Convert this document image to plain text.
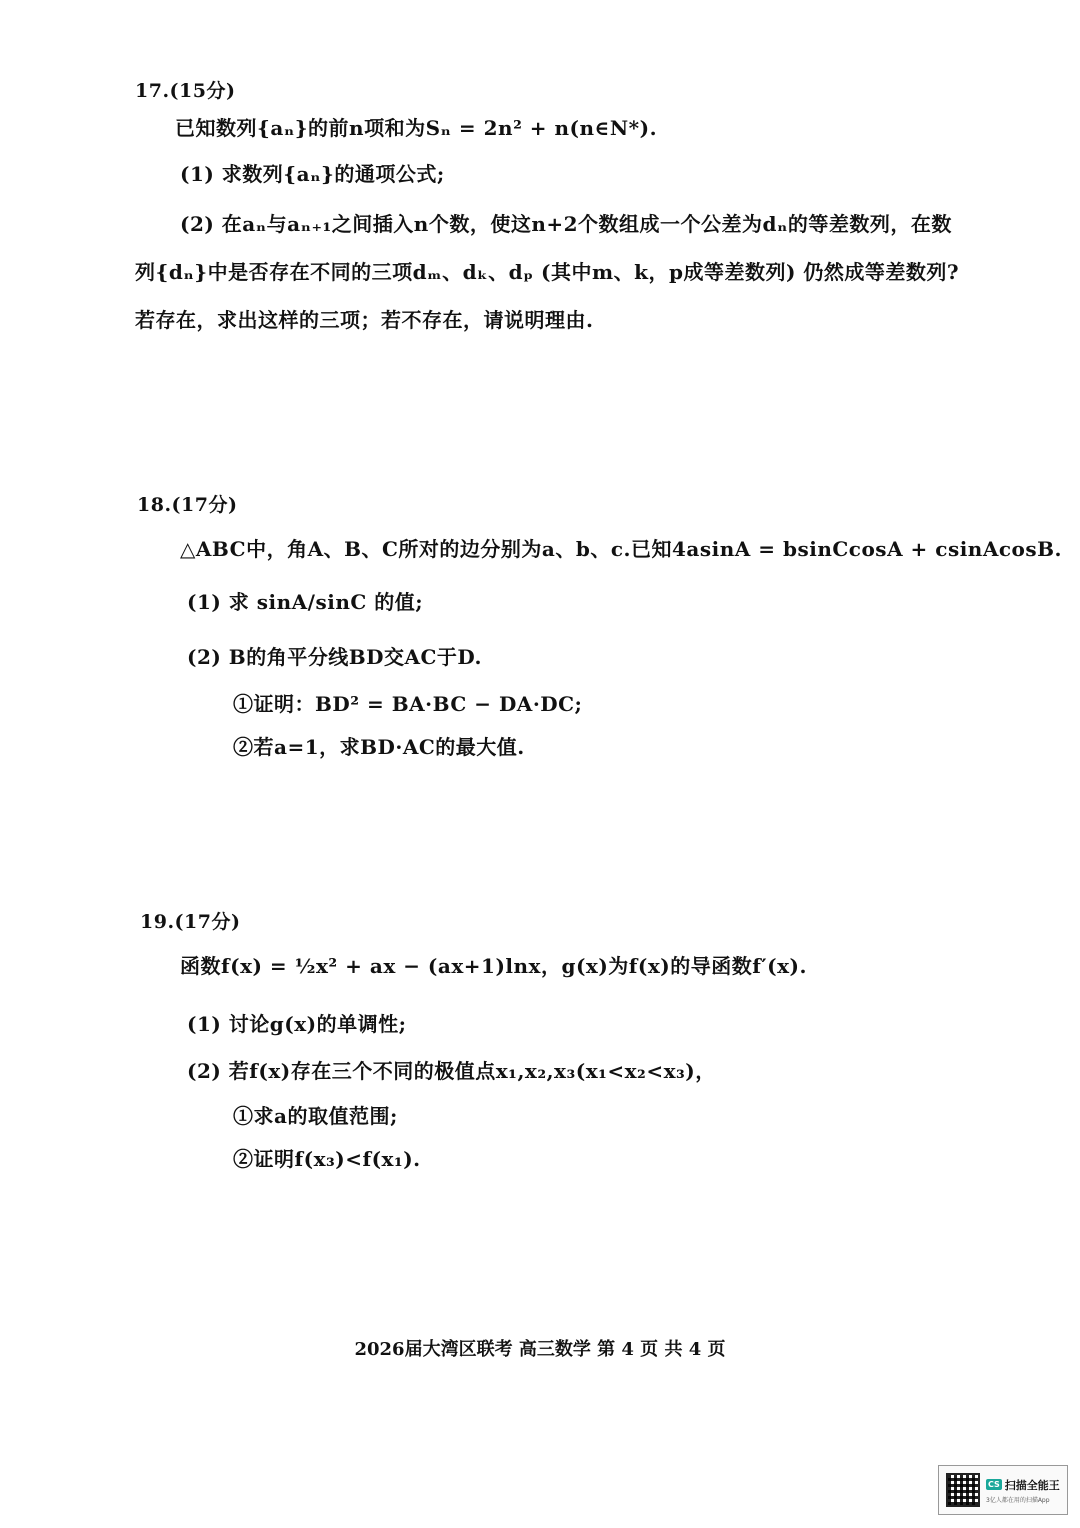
17.(15分)
已知数列{aₙ}的前n项和为Sₙ = 2n² + n(n∈N*).
(1) 求数列{aₙ}的通项公式;
(2) 在aₙ与aₙ₊₁之间插入n个数，使这n+2个数组成一个公差为dₙ的等差数列，在数
列{dₙ}中是否存在不同的三项dₘ、dₖ、dₚ (其中m、k，p成等差数列) 仍然成等差数列?
若存在，求出这样的三项；若不存在，请说明理由.
18.(17分)
△ABC中，角A、B、C所对的边分别为a、b、c.已知4asinA = bsinCcosA + csinAcosB.
(1) 求 sinA/sinC 的值;
(2) B的角平分线BD交AC于D.
①证明：BD² = BA·BC − DA·DC;
②若a=1，求BD·AC的最大值.
19.(17分)
函数f(x) = ½x² + ax − (ax+1)lnx，g(x)为f(x)的导函数f′(x).
(1) 讨论g(x)的单调性;
(2) 若f(x)存在三个不同的极值点x₁,x₂,x₃(x₁<x₂<x₃)，
①求a的取值范围;
②证明f(x₃)<f(x₁).
2026届大湾区联考 高三数学 第 4 页 共 4 页
CS 扫描全能王
3亿人都在用的扫描App
